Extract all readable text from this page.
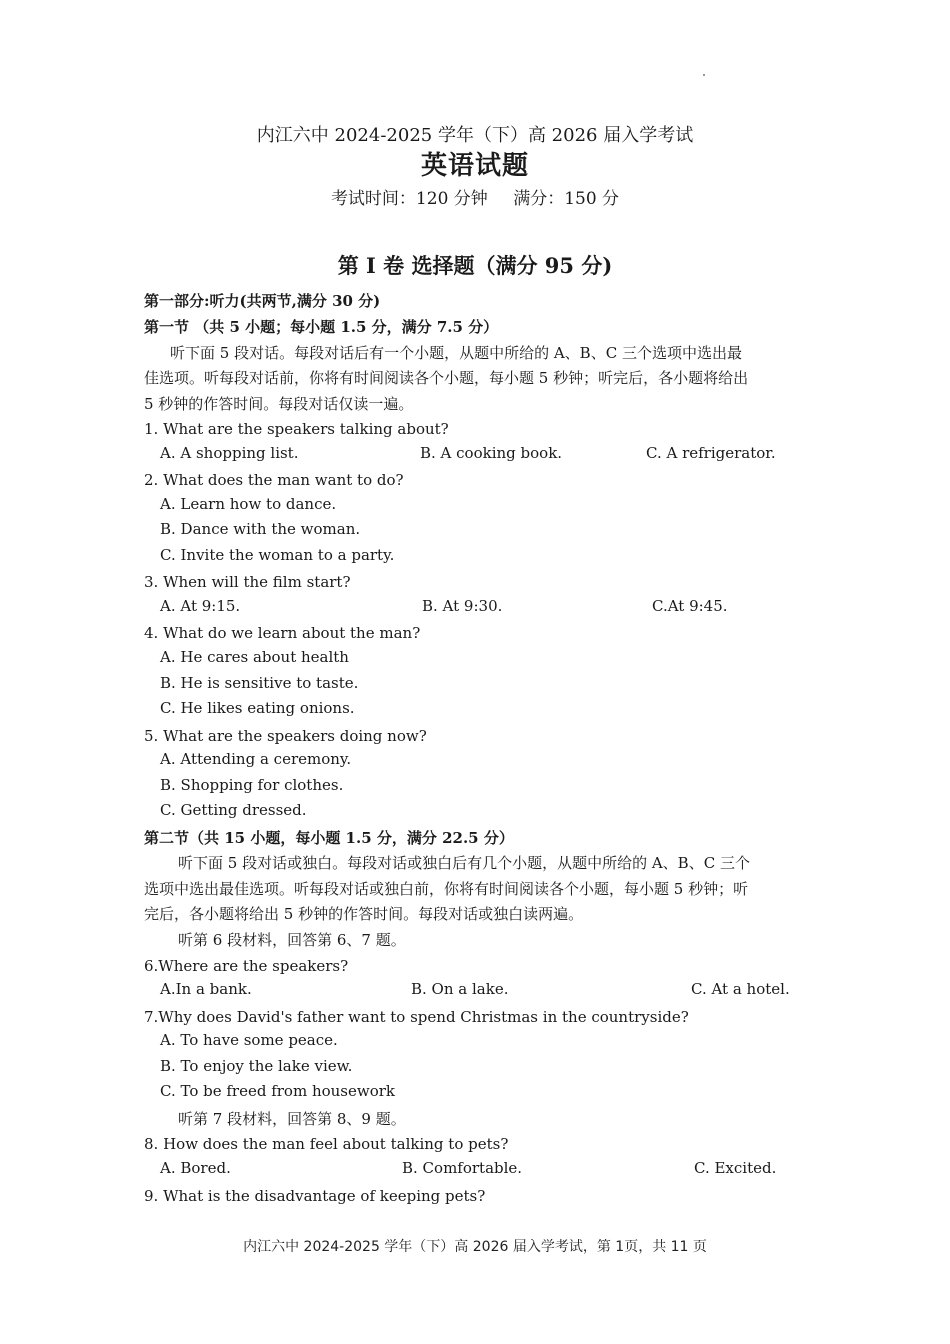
内江六中 2024-2025 学年（下）高 2026 届入学考试
英语试题
考试时间：120 分钟 满分：150 分
第 I 卷 选择题（满分 95 分)
第一部分:听力(共两节,满分 30 分)
第一节 （共 5 小题；每小题 1.5 分，满分 7.5 分）
听下面 5 段对话。每段对话后有一个小题，从题中所给的 A、B、C 三个选项中选出最
佳选项。听每段对话前，你将有时间阅读各个小题，每小题 5 秒钟；听完后，各小题将给出
5 秒钟的作答时间。每段对话仅读一遍。
1. What are the speakers talking about?
A. A shopping list.	B. A cooking book.	C. A refrigerator.
2. What does the man want to do?
A. Learn how to dance.
B. Dance with the woman.
C. Invite the woman to a party.
3. When will the film start?
A. At 9:15.	B. At 9:30.	C.At 9:45.
4. What do we learn about the man?
A. He cares about health
B. He is sensitive to taste.
C. He likes eating onions.
5. What are the speakers doing now?
A. Attending a ceremony.
B. Shopping for clothes.
C. Getting dressed.
第二节（共 15 小题，每小题 1.5 分，满分 22.5 分）
听下面 5 段对话或独白。每段对话或独白后有几个小题，从题中所给的 A、B、C 三个
选项中选出最佳选项。听每段对话或独白前，你将有时间阅读各个小题，每小题 5 秒钟；听
完后，各小题将给出 5 秒钟的作答时间。每段对话或独白读两遍。
听第 6 段材料，回答第 6、7 题。
6.Where are the speakers?
A.In a bank.	B. On a lake.	C. At a hotel.
7.Why does David's father want to spend Christmas in the countryside?
A. To have some peace.
B. To enjoy the lake view.
C. To be freed from housework
听第 7 段材料，回答第 8、9 题。
8. How does the man feel about talking to pets?
A. Bored.	B. Comfortable.	C. Excited.
9. What is the disadvantage of keeping pets?
内江六中 2024-2025 学年（下）高 2026 届入学考试，第 1页，共 11 页
